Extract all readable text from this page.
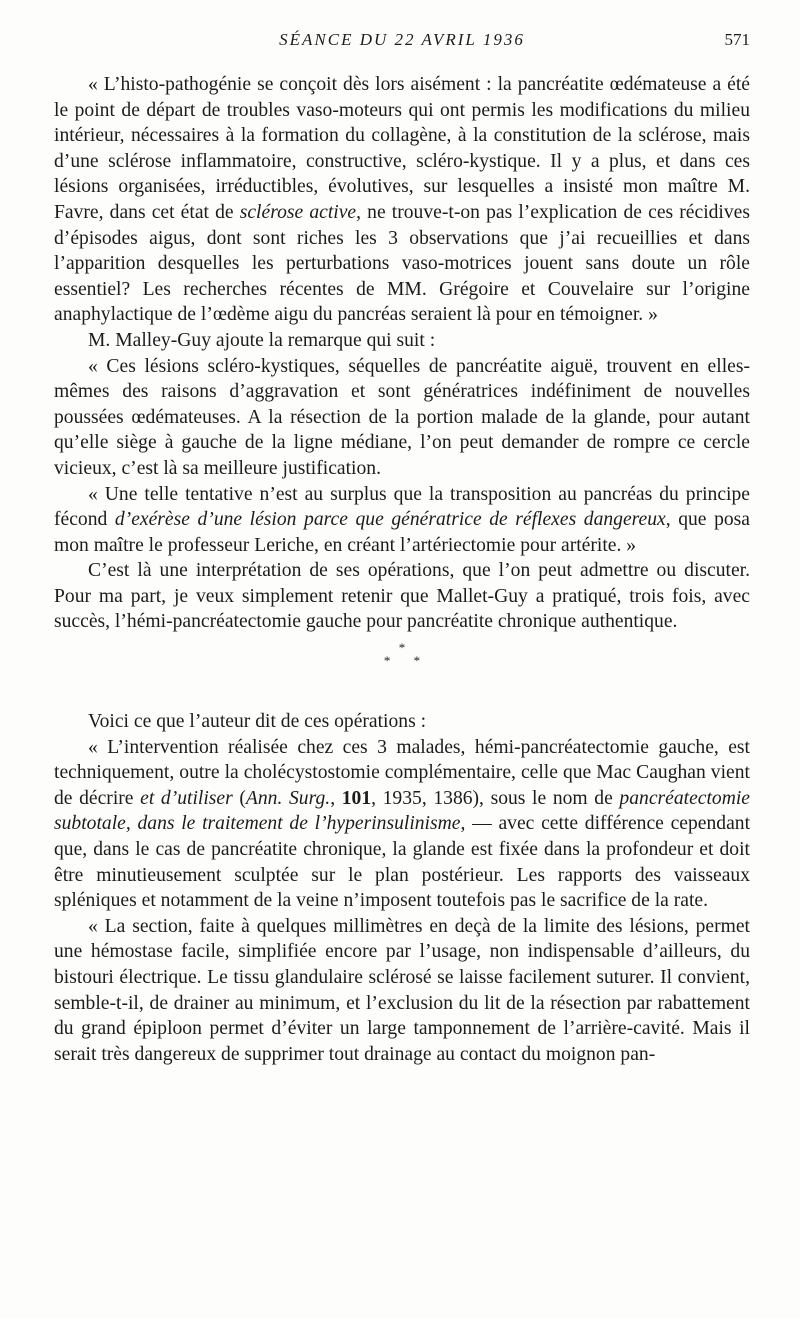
SÉANCE DU 22 AVRIL 1936	571

« L’histo-pathogénie se conçoit dès lors aisément : la pancréatite œdémateuse a été le point de départ de troubles vaso-moteurs qui ont permis les modifications du milieu intérieur, nécessaires à la formation du collagène, à la constitution de la sclérose, mais d’une sclérose inflammatoire, constructive, scléro-kystique. Il y a plus, et dans ces lésions organisées, irréductibles, évolutives, sur lesquelles a insisté mon maître M. Favre, dans cet état de sclérose active, ne trouve-t-on pas l’explication de ces récidives d’épisodes aigus, dont sont riches les 3 observations que j’ai recueillies et dans l’apparition desquelles les perturbations vaso-motrices jouent sans doute un rôle essentiel? Les recherches récentes de MM. Grégoire et Couvelaire sur l’origine anaphylactique de l’œdème aigu du pancréas seraient là pour en témoigner. »

M. Malley-Guy ajoute la remarque qui suit :

« Ces lésions scléro-kystiques, séquelles de pancréatite aiguë, trouvent en elles-mêmes des raisons d’aggravation et sont génératrices indéfiniment de nouvelles poussées œdémateuses. A la résection de la portion malade de la glande, pour autant qu’elle siège à gauche de la ligne médiane, l’on peut demander de rompre ce cercle vicieux, c’est là sa meilleure justification.

« Une telle tentative n’est au surplus que la transposition au pancréas du principe fécond d’exérèse d’une lésion parce que génératrice de réflexes dangereux, que posa mon maître le professeur Leriche, en créant l’artériectomie pour artérite. »

C’est là une interprétation de ses opérations, que l’on peut admettre ou discuter. Pour ma part, je veux simplement retenir que Mallet-Guy a pratiqué, trois fois, avec succès, l’hémi-pancréatectomie gauche pour pancréatite chronique authentique.

*
* *

Voici ce que l’auteur dit de ces opérations :

« L’intervention réalisée chez ces 3 malades, hémi-pancréatectomie gauche, est techniquement, outre la cholécystostomie complémentaire, celle que Mac Caughan vient de décrire et d’utiliser (Ann. Surg., 101, 1935, 1386), sous le nom de pancréatectomie subtotale, dans le traitement de l’hyperinsulinisme, — avec cette différence cependant que, dans le cas de pancréatite chronique, la glande est fixée dans la profondeur et doit être minutieusement sculptée sur le plan postérieur. Les rapports des vaisseaux spléniques et notamment de la veine n’imposent toutefois pas le sacrifice de la rate.

« La section, faite à quelques millimètres en deçà de la limite des lésions, permet une hémostase facile, simplifiée encore par l’usage, non indispensable d’ailleurs, du bistouri électrique. Le tissu glandulaire sclérosé se laisse facilement suturer. Il convient, semble-t-il, de drainer au minimum, et l’exclusion du lit de la résection par rabattement du grand épiploon permet d’éviter un large tamponnement de l’arrière-cavité. Mais il serait très dangereux de supprimer tout drainage au contact du moignon pan-
